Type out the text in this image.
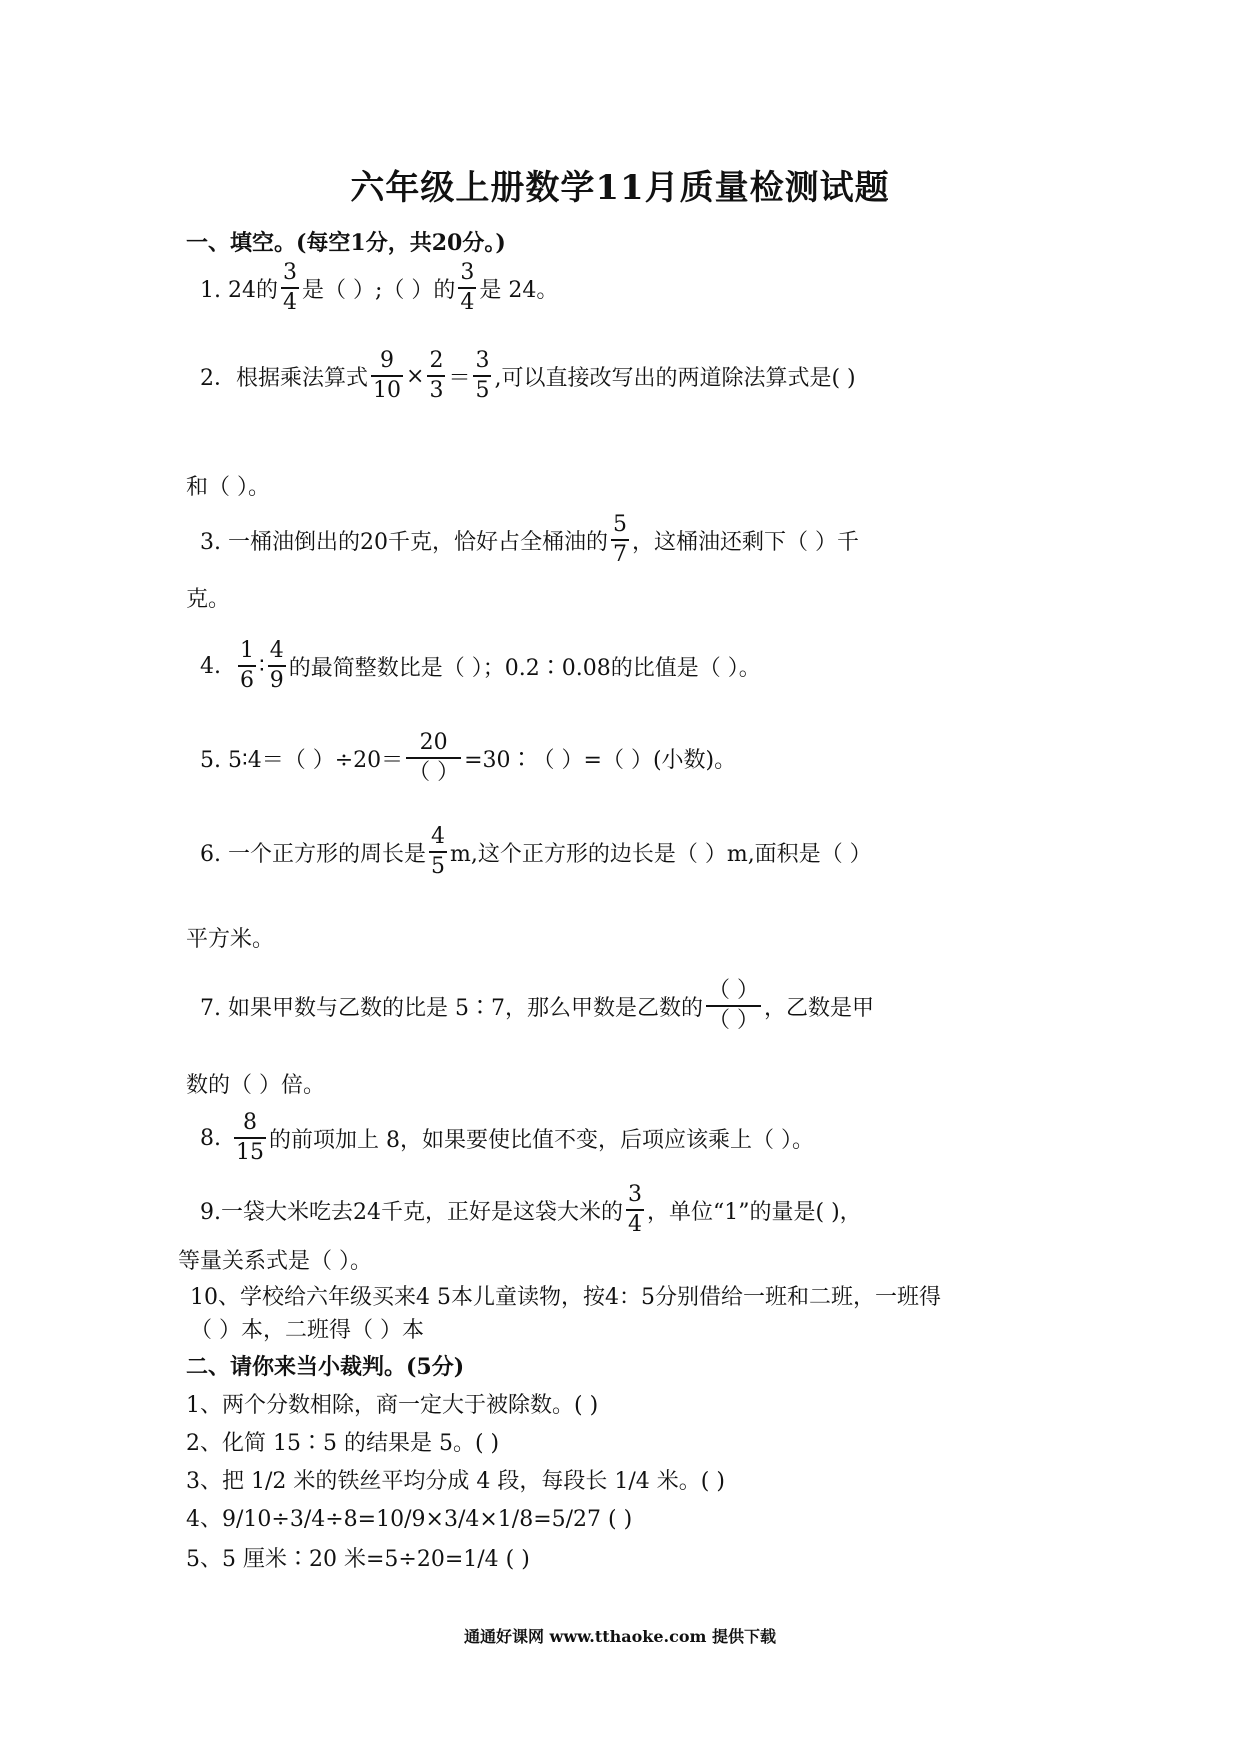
六年级上册数学11月质量检测试题
一、填空。(每空1分，共20分。)
1. 24的 $\frac{3}{4}$ 是（ ）;（ ）的 $\frac{3}{4}$ 是 24。
2．根据乘法算式 $\frac{9}{10} \times \frac{2}{3} = \frac{3}{5}$ ,可以直接改写出的两道除法算式是( )
和（ ）。
3. 一桶油倒出的20千克，恰好占全桶油的 $\frac{5}{7}$ ，这桶油还剩下（ ）千
克。
4. $\frac{1}{6}$ ∶ $\frac{4}{9}$ 的最简整数比是（ ）；0.2∶0.08的比值是（ ）。
5. 5∶4＝（ ）$\div 20= \frac{20}{( )}$ =30∶（ ）=（ ）(小数)。
6. 一个正方形的周长是 $\frac{4}{5} m$,这个正方形的边长是（ ）m,面积是（ ）
平方米。
7. 如果甲数与乙数的比是 5∶7，那么甲数是乙数的 $\frac{( )}{( )}$ ，乙数是甲
数的（ ）倍。
8. $\frac{8}{15}$ 的前项加上 8，如果要使比值不变，后项应该乘上（ ）。
9.一袋大米吃去24千克，正好是这袋大米的 $\frac{3}{4}$ ，单位“1”的量是( )，
等量关系式是（ ）。
10、学校给六年级买来4 5本儿童读物，按4：5分别借给一班和二班，一班得
（ ）本，二班得（ ）本
二、请你来当小裁判。(5分)
1、两个分数相除，商一定大于被除数。( )
2、化简 15∶5 的结果是 5。( )
3、把 1/2 米的铁丝平均分成 4 段，每段长 1/4 米。( )
4、9/10÷3/4÷8=10/9×3/4×1/8=5/27 ( )
5、5 厘米∶20 米=5÷20=1/4 ( )
通通好课网 www.tthaoke.com 提供下载
